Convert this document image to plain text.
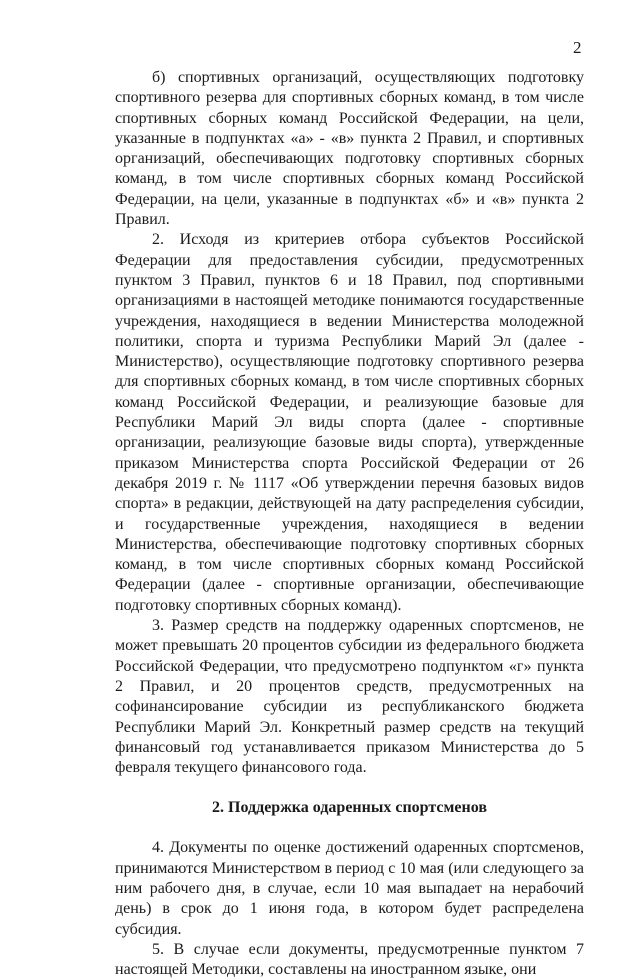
2

б) спортивных организаций, осуществляющих подготовку спортивного резерва для спортивных сборных команд, в том числе спортивных сборных команд Российской Федерации, на цели, указанные в подпунктах «а» - «в» пункта 2 Правил, и спортивных организаций, обеспечивающих подготовку спортивных сборных команд, в том числе спортивных сборных команд Российской Федерации, на цели, указанные в подпунктах «б» и «в» пункта 2 Правил.

2. Исходя из критериев отбора субъектов Российской Федерации для предоставления субсидии, предусмотренных пунктом 3 Правил, пунктов 6 и 18 Правил, под спортивными организациями в настоящей методике понимаются государственные учреждения, находящиеся в ведении Министерства молодежной политики, спорта и туризма Республики Марий Эл (далее - Министерство), осуществляющие подготовку спортивного резерва для спортивных сборных команд, в том числе спортивных сборных команд Российской Федерации, и реализующие базовые для Республики Марий Эл виды спорта (далее - спортивные организации, реализующие базовые виды спорта), утвержденные приказом Министерства спорта Российской Федерации от 26 декабря 2019 г. № 1117 «Об утверждении перечня базовых видов спорта» в редакции, действующей на дату распределения субсидии, и государственные учреждения, находящиеся в ведении Министерства, обеспечивающие подготовку спортивных сборных команд, в том числе спортивных сборных команд Российской Федерации (далее - спортивные организации, обеспечивающие подготовку спортивных сборных команд).

3. Размер средств на поддержку одаренных спортсменов, не может превышать 20 процентов субсидии из федерального бюджета Российской Федерации, что предусмотрено подпунктом «г» пункта 2 Правил, и 20 процентов средств, предусмотренных на софинансирование субсидии из республиканского бюджета Республики Марий Эл. Конкретный размер средств на текущий финансовый год устанавливается приказом Министерства до 5 февраля текущего финансового года.

2. Поддержка одаренных спортсменов

4. Документы по оценке достижений одаренных спортсменов, принимаются Министерством в период с 10 мая (или следующего за ним рабочего дня, в случае, если 10 мая выпадает на нерабочий день) в срок до 1 июня года, в котором будет распределена субсидия.

5. В случае если документы, предусмотренные пунктом 7 настоящей Методики, составлены на иностранном языке, они
